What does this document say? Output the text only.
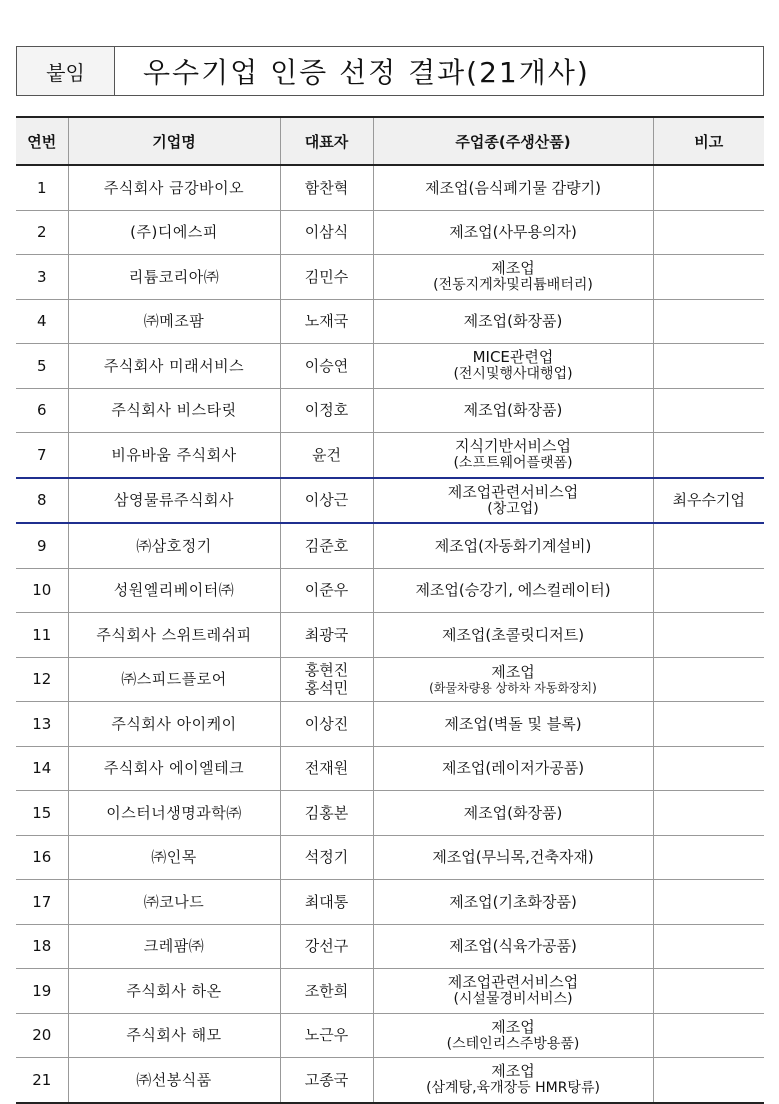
붙임	우수기업 인증 선정 결과(21개사)
연번	기업명	대표자	주업종(주생산품)	비고
1	주식회사 금강바이오	함찬혁	제조업(음식폐기물 감량기)	

2	(주)디에스피	이삼식	제조업(사무용의자)	

3	리튬코리아㈜	김민수	제조업
(전동지게차및리튬배터리)	

4	㈜메조팜	노재국	제조업(화장품)	

5	주식회사 미래서비스	이승연	MICE관련업
(전시및행사대행업)	

6	주식회사 비스타릿	이정호	제조업(화장품)	

7	비유바움 주식회사	윤건	지식기반서비스업
(소프트웨어플랫폼)	

8	삼영물류주식회사	이상근	제조업관련서비스업
(창고업)	최우수기업
9	㈜삼호정기	김준호	제조업(자동화기계설비)	

10	성원엘리베이터㈜	이준우	제조업(승강기, 에스컬레이터)	

11	주식회사 스위트레쉬피	최광국	제조업(초콜릿디저트)	

12	㈜스피드플로어	홍현진
홍석민	제조업
(화물차량용 상하차 자동화장치)	

13	주식회사 아이케이	이상진	제조업(벽돌 및 블록)	

14	주식회사 에이엘테크	전재원	제조업(레이저가공품)	

15	이스터너생명과학㈜	김홍본	제조업(화장품)	

16	㈜인목	석정기	제조업(무늬목,건축자재)	

17	㈜코나드	최대통	제조업(기초화장품)	

18	크레팜㈜	강선구	제조업(식육가공품)	

19	주식회사 하온	조한희	제조업관련서비스업
(시설물경비서비스)	

20	주식회사 해모	노근우	제조업
(스테인리스주방용품)	

21	㈜선봉식품	고종국	제조업
(삼계탕,육개장등 HMR탕류)	
